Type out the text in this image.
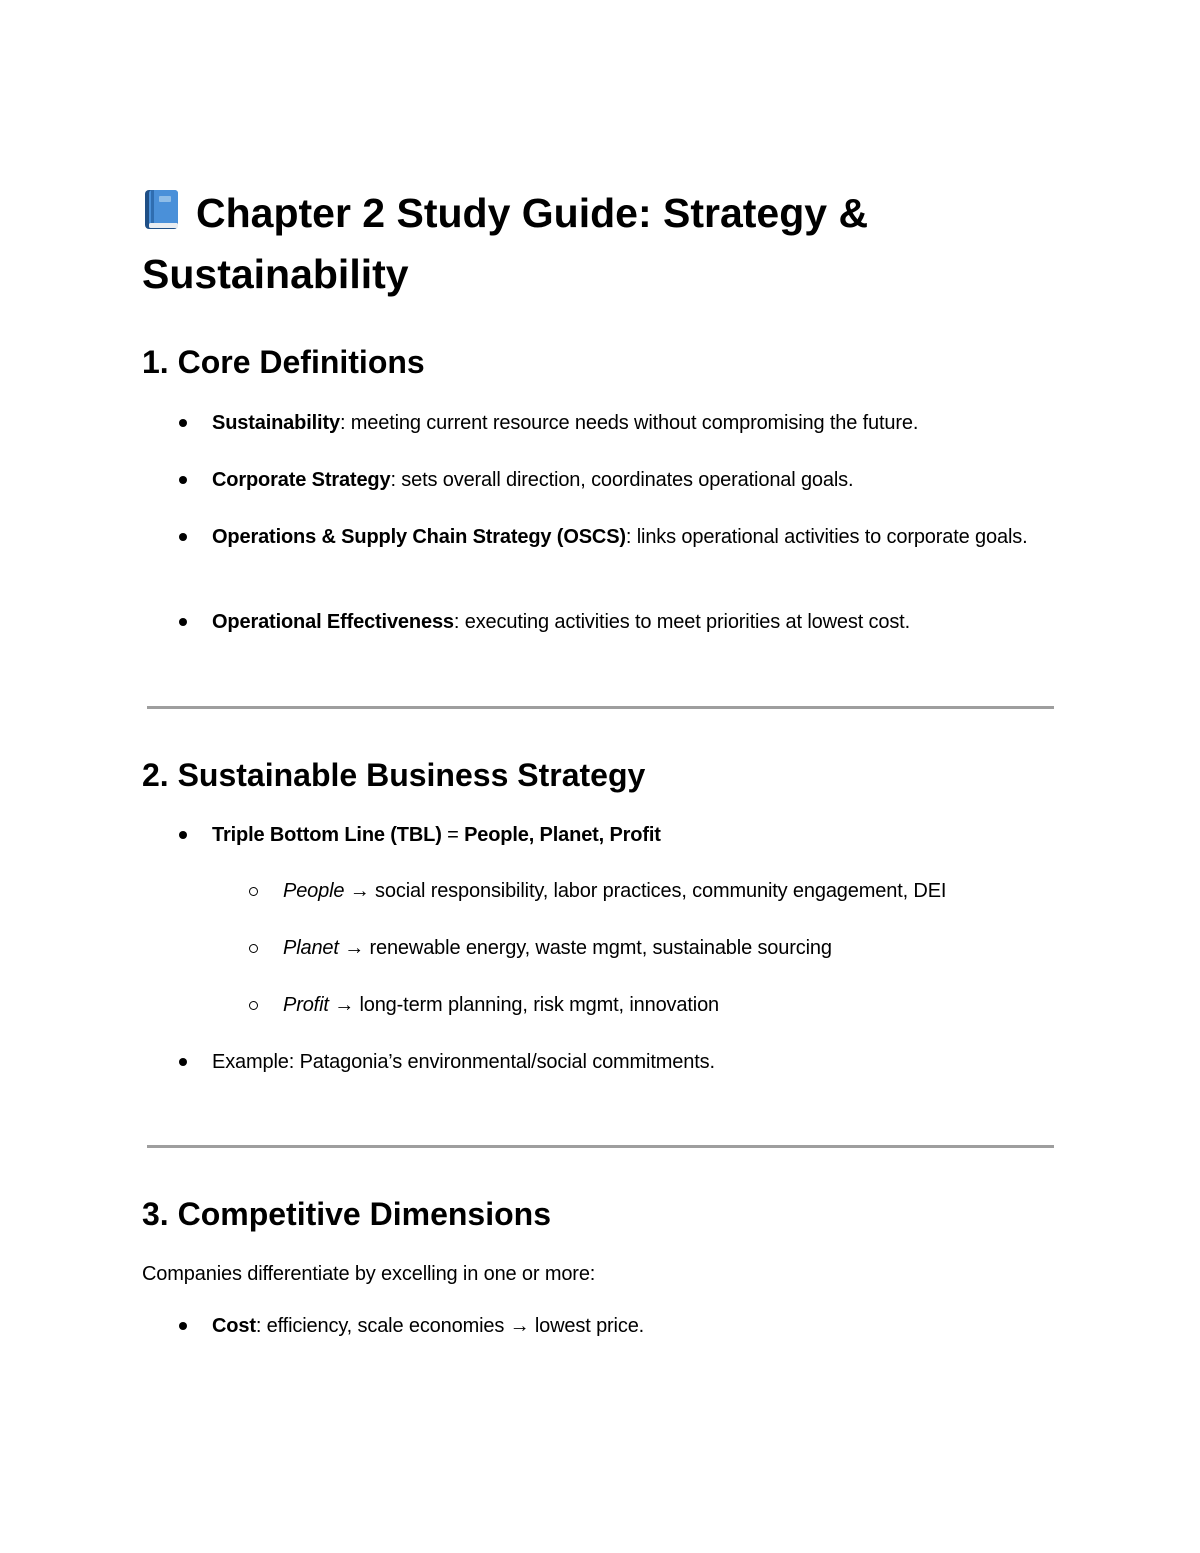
Chapter 2 Study Guide: Strategy & Sustainability
1. Core Definitions

Sustainability: meeting current resource needs without compromising the future.

Corporate Strategy: sets overall direction, coordinates operational goals.

Operations & Supply Chain Strategy (OSCS): links operational activities to corporate goals.

Operational Effectiveness: executing activities to meet priorities at lowest cost.

2. Sustainable Business Strategy

Triple Bottom Line (TBL) = People, Planet, Profit

People → social responsibility, labor practices, community engagement, DEI

Planet → renewable energy, waste mgmt, sustainable sourcing

Profit → long-term planning, risk mgmt, innovation

Example: Patagonia’s environmental/social commitments.

3. Competitive Dimensions

Companies differentiate by excelling in one or more:

Cost: efficiency, scale economies → lowest price.
